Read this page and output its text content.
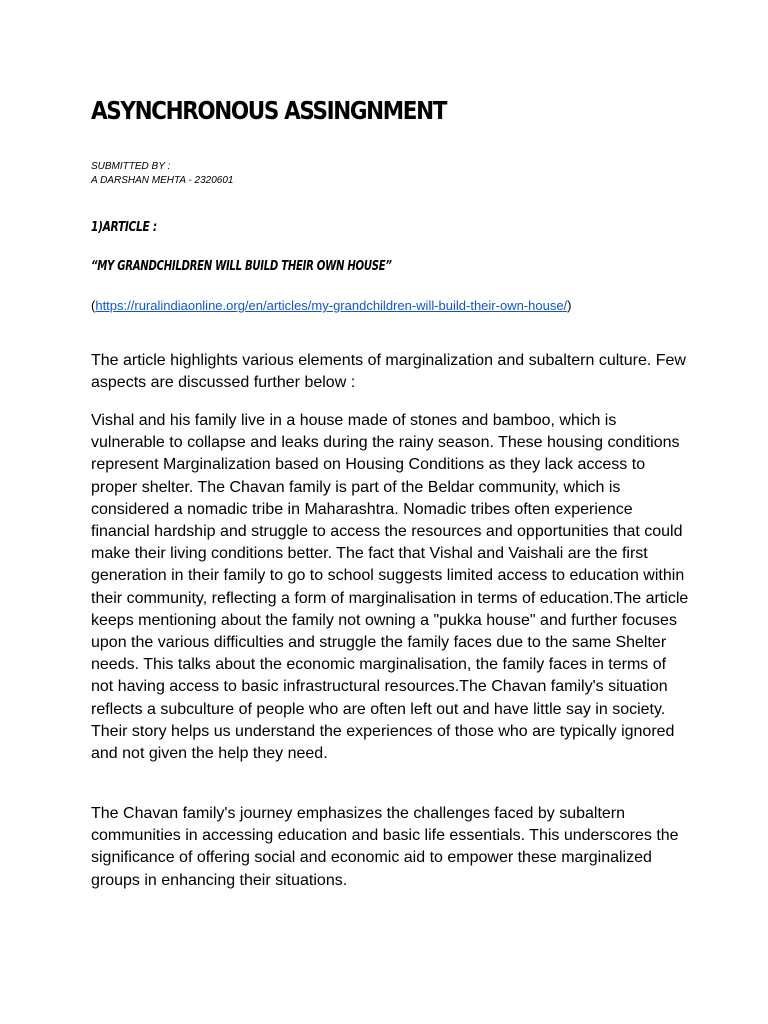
ASYNCHRONOUS ASSINGNMENT
SUBMITTED BY :
A DARSHAN MEHTA - 2320601
1)ARTICLE :
“MY GRANDCHILDREN WILL BUILD THEIR OWN HOUSE”
(https://ruralindiaonline.org/en/articles/my-grandchildren-will-build-their-own-house/)

The article highlights various elements of marginalization and subaltern culture. Few aspects are discussed further below :

Vishal and his family live in a house made of stones and bamboo, which is vulnerable to collapse and leaks during the rainy season. These housing conditions represent Marginalization based on Housing Conditions as they lack access to proper shelter. The Chavan family is part of the Beldar community, which is considered a nomadic tribe in Maharashtra. Nomadic tribes often experience financial hardship and struggle to access the resources and opportunities that could make their living conditions better. The fact that Vishal and Vaishali are the first generation in their family to go to school suggests limited access to education within their community, reflecting a form of marginalisation in terms of education.The article keeps mentioning about the family not owning a "pukka house" and further focuses upon the various difficulties and struggle the family faces due to the same Shelter needs. This talks about the economic marginalisation, the family faces in terms of not having access to basic infrastructural resources.The Chavan family's situation reflects a subculture of people who are often left out and have little say in society. Their story helps us understand the experiences of those who are typically ignored and not given the help they need.

The Chavan family's journey emphasizes the challenges faced by subaltern communities in accessing education and basic life essentials. This underscores the significance of offering social and economic aid to empower these marginalized groups in enhancing their situations.
